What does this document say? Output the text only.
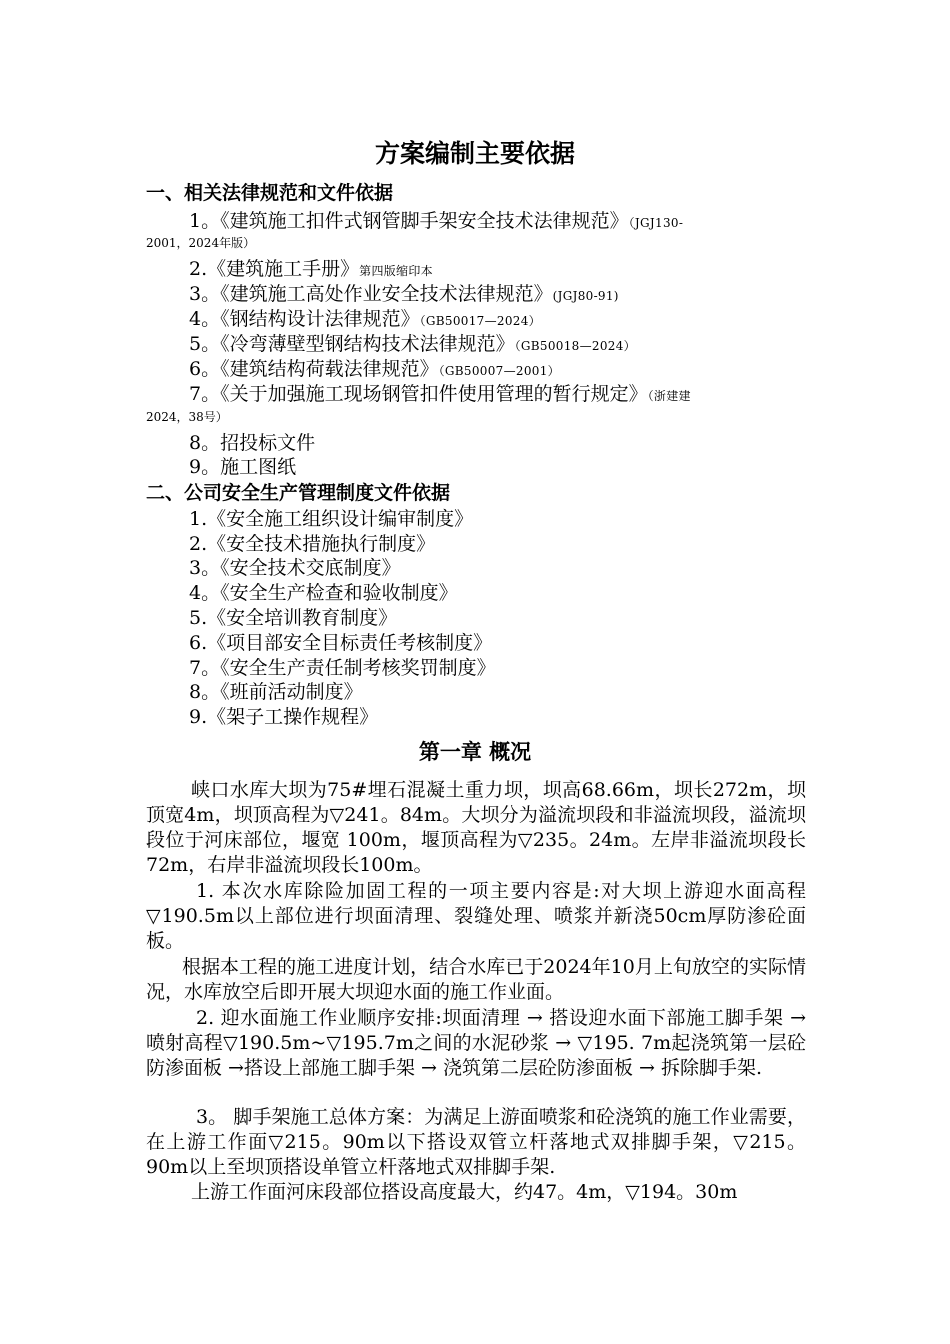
方案编制主要依据
一、相关法律规范和文件依据
1。《建筑施工扣件式钢管脚手架安全技术法律规范》（JGJ130-
2001，2024年版）
2.《建筑施工手册》第四版缩印本
3。《建筑施工高处作业安全技术法律规范》(JGJ80-91)
4。《钢结构设计法律规范》（GB50017—2024）
5。《冷弯薄壁型钢结构技术法律规范》（GB50018—2024）
6。《建筑结构荷载法律规范》（GB50007—2001）
7。《关于加强施工现场钢管扣件使用管理的暂行规定》（浙建建
2024，38号）
8。招投标文件
9。施工图纸
二、公司安全生产管理制度文件依据
1.《安全施工组织设计编审制度》
2.《安全技术措施执行制度》
3。《安全技术交底制度》
4。《安全生产检查和验收制度》
5.《安全培训教育制度》
6.《项目部安全目标责任考核制度》
7。《安全生产责任制考核奖罚制度》
8。《班前活动制度》
9.《架子工操作规程》
第一章 概况

峡口水库大坝为75#埋石混凝土重力坝，坝高68.66m，坝长272m，坝顶宽4m，坝顶高程为▽241。84m。大坝分为溢流坝段和非溢流坝段，溢流坝段位于河床部位，堰宽 100m，堰顶高程为▽235。24m。左岸非溢流坝段长72m，右岸非溢流坝段长100m。

1. 本次水库除险加固工程的一项主要内容是:对大坝上游迎水面高程▽190.5m以上部位进行坝面清理、裂缝处理、喷浆并新浇50cm厚防渗砼面板。

根据本工程的施工进度计划，结合水库已于2024年10月上旬放空的实际情况，水库放空后即开展大坝迎水面的施工作业面。

2. 迎水面施工作业顺序安排:坝面清理 → 搭设迎水面下部施工脚手架 → 喷射高程▽190.5m~▽195.7m之间的水泥砂浆 → ▽195. 7m起浇筑第一层砼防渗面板 →搭设上部施工脚手架 → 浇筑第二层砼防渗面板 → 拆除脚手架.

3。 脚手架施工总体方案：为满足上游面喷浆和砼浇筑的施工作业需要，在上游工作面▽215。90m以下搭设双管立杆落地式双排脚手架，▽215。90m以上至坝顶搭设单管立杆落地式双排脚手架.

上游工作面河床段部位搭设高度最大，约47。4m，▽194。30m
